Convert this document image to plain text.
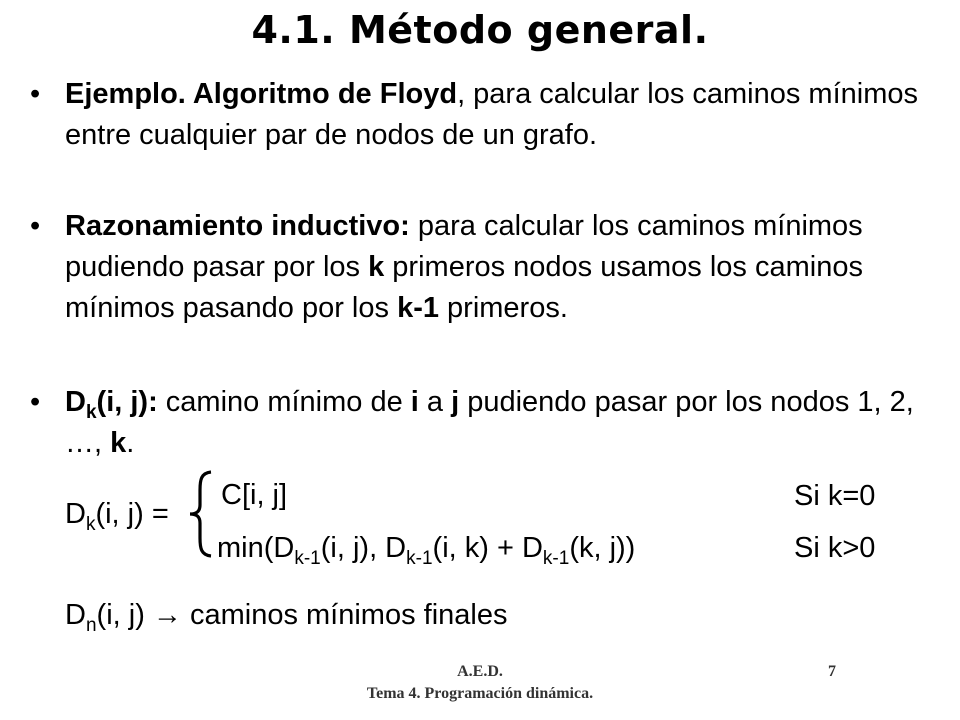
4.1. Método general.
• Ejemplo. Algoritmo de Floyd, para calcular los caminos mínimos entre cualquier par de nodos de un grafo.
• Razonamiento inductivo: para calcular los caminos mínimos pudiendo pasar por los k primeros nodos usamos los caminos mínimos pasando por los k-1 primeros.
• $D_k(i$, j): camino mínimo de i a j pudiendo pasar por los nodos 1, 2, …, k.
$D_k(i$, j) =
C[i, j]	Si k=0
$\min(D_{k-1}(i$, j), $D_{k-1}(i$, $k) + D_{k-1}(k$, j))	Si k>0
$D_n(i$, j) → caminos mínimos finales
A.E.D.
Tema 4. Programación dinámica.
7
